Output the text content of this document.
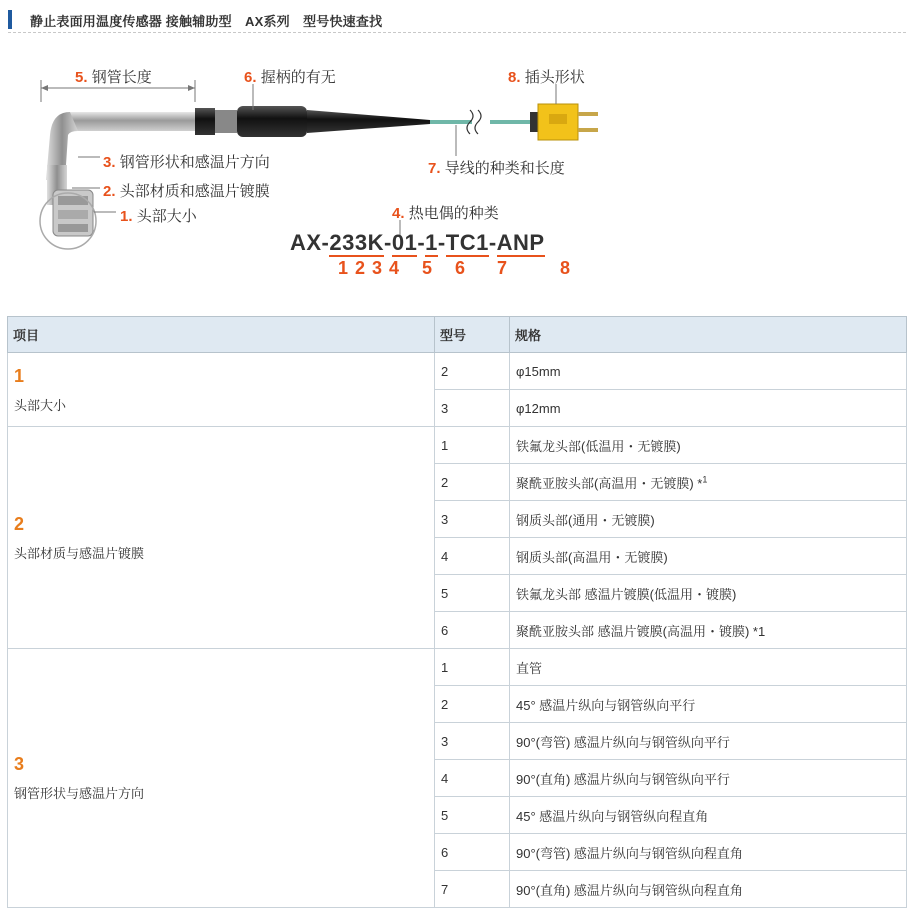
静止表面用温度传感器 接触辅助型　AX系列　型号快速查找
5. 钢管长度	6. 握柄的有无	8. 插头形状
3. 钢管形状和感温片方向	7. 导线的种类和长度
2. 头部材质和感温片镀膜
1. 头部大小	4. 热电偶的种类
AX-233K-01-1-TC1-ANP
1 2 3 4 5 6 7	8
项目	型号	规格

1
头部大小	2	φ15mm
	3	φ12mm

2
头部材质与感温片镀膜	1	铁氟龙头部(低温用・无镀膜)
	2	聚酰亚胺头部(高温用・无镀膜) *$^1$
	3	钢质头部(通用・无镀膜)
	4	钢质头部(高温用・无镀膜)
	5	铁氟龙头部 感温片镀膜(低温用・镀膜)
	6	聚酰亚胺头部 感温片镀膜(高温用・镀膜) *1

3
钢管形状与感温片方向	1	直管
	2	45° 感温片纵向与钢管纵向平行
	3	90°(弯管) 感温片纵向与钢管纵向平行
	4	90°(直角) 感温片纵向与钢管纵向平行
	5	45° 感温片纵向与钢管纵向程直角
	6	90°(弯管) 感温片纵向与钢管纵向程直角
	7	90°(直角) 感温片纵向与钢管纵向程直角
